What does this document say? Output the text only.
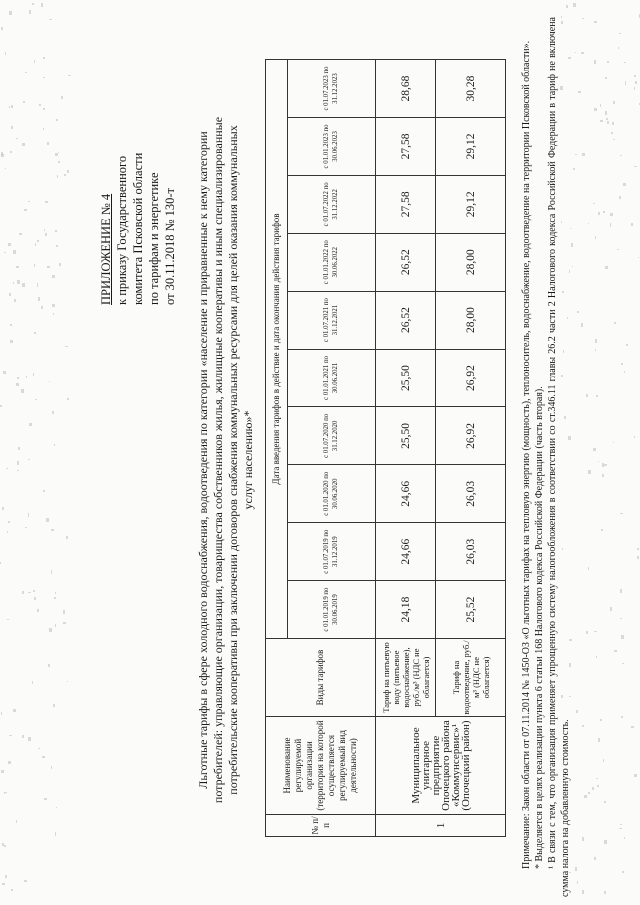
ПРИЛОЖЕНИЕ № 4 к приказу Государственного комитета Псковской области по тарифам и энергетике от 30.11.2018 № 130-т Льготные тарифы в сфере холодного водоснабжения, водоотведения по категории «население и приравненные к нему категории потребителей: управляющие организации, товарищества собственников жилья, жилищные кооперативы и иным специализированные потребительские кооперативы при заключении договоров снабжения коммунальных ресурсами для целей оказания коммунальных услуг населению»*
№ п/п	Наименование регулируемой организации (территория на которой осуществляется регулируемый вид деятельности)	Виды тарифов	Дата введения тарифов в действие и дата окончания действия тарифов									
			с 01.01.2019 по 30.06.2019	с 01.07.2019 по 31.12.2019	с 01.01.2020 по 30.06.2020	с 01.07.2020 по 31.12.2020	с 01.01.2021 по 30.06.2021	с 01.07.2021 по 31.12.2021	с 01.01.2022 по 30.06.2022	с 01.07.2022 по 31.12.2022	с 01.01.2023 по 30.06.2023	с 01.07.2023 по 31.12.2023
1	Муниципальное унитарное предприятие Опочецкого района «Коммунсервис»¹ (Опочецкий район)	Тариф на питьевую воду (питьевое водоснабжение), руб./м³ (НДС не облагается)	24,18	24,66	24,66	25,50	25,50	26,52	26,52	27,58	27,58	28,68
		Тариф на водоотведение, руб./м³ (НДС не облагается)	25,52	26,03	26,03	26,92	26,92	28,00	28,00	29,12	29,12	30,28	Примечание: Закон области от 07.11.2014 № 1450-ОЗ «О льготных тарифах на тепловую энергию (мощность), теплоноситель, водоснабжение, водоотведение на территории Псковской области». * Выделяется в целях реализации пункта 6 статьи 168 Налогового кодекса Российской Федерации (часть вторая). ¹ В связи с тем, что организация применяет упрощенную систему налогообложения в соответствии со ст.346.11 главы 26.2 части 2 Налогового кодекса Российской Федерации в тариф не включена сумма налога на добавленную стоимость.
